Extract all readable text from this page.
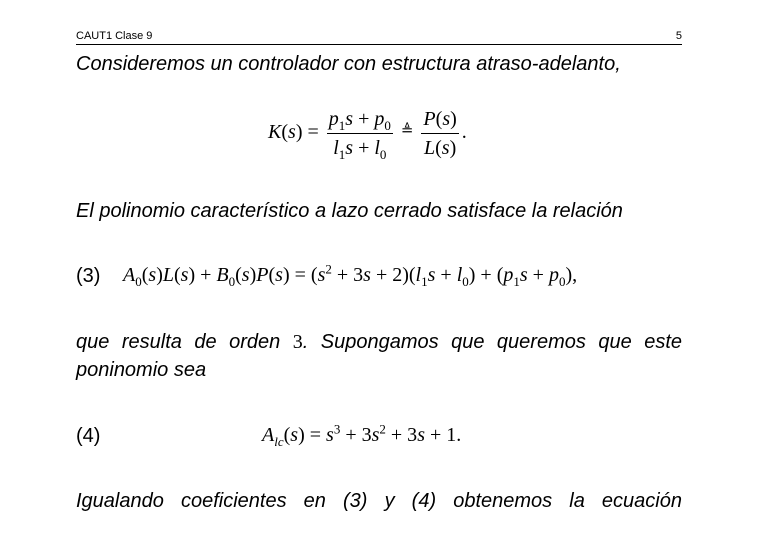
CAUT1 Clase 9	5
Consideremos un controlador con estructura atraso-adelanto,
$K(s) = \frac{p_1s + p_0}{l_1s + l_0}$ ≜ $\frac{P(s)}{L(s)}$ .
El polinomio característico a lazo cerrado satisface la relación
(3) $A_0(s)L(s) + B_0(s)P(s) = (s^2 + 3s + 2)(l_1s + l_0) + (p_1s + p_0)$,
que resulta de orden 3. Supongamos que queremos que este
poninomio sea
(4)	$A_{lc}(s) = s^3 + 3s^2 + 3s + 1$.
Igualando coeficientes en (3) y (4) obtenemos la ecuación
